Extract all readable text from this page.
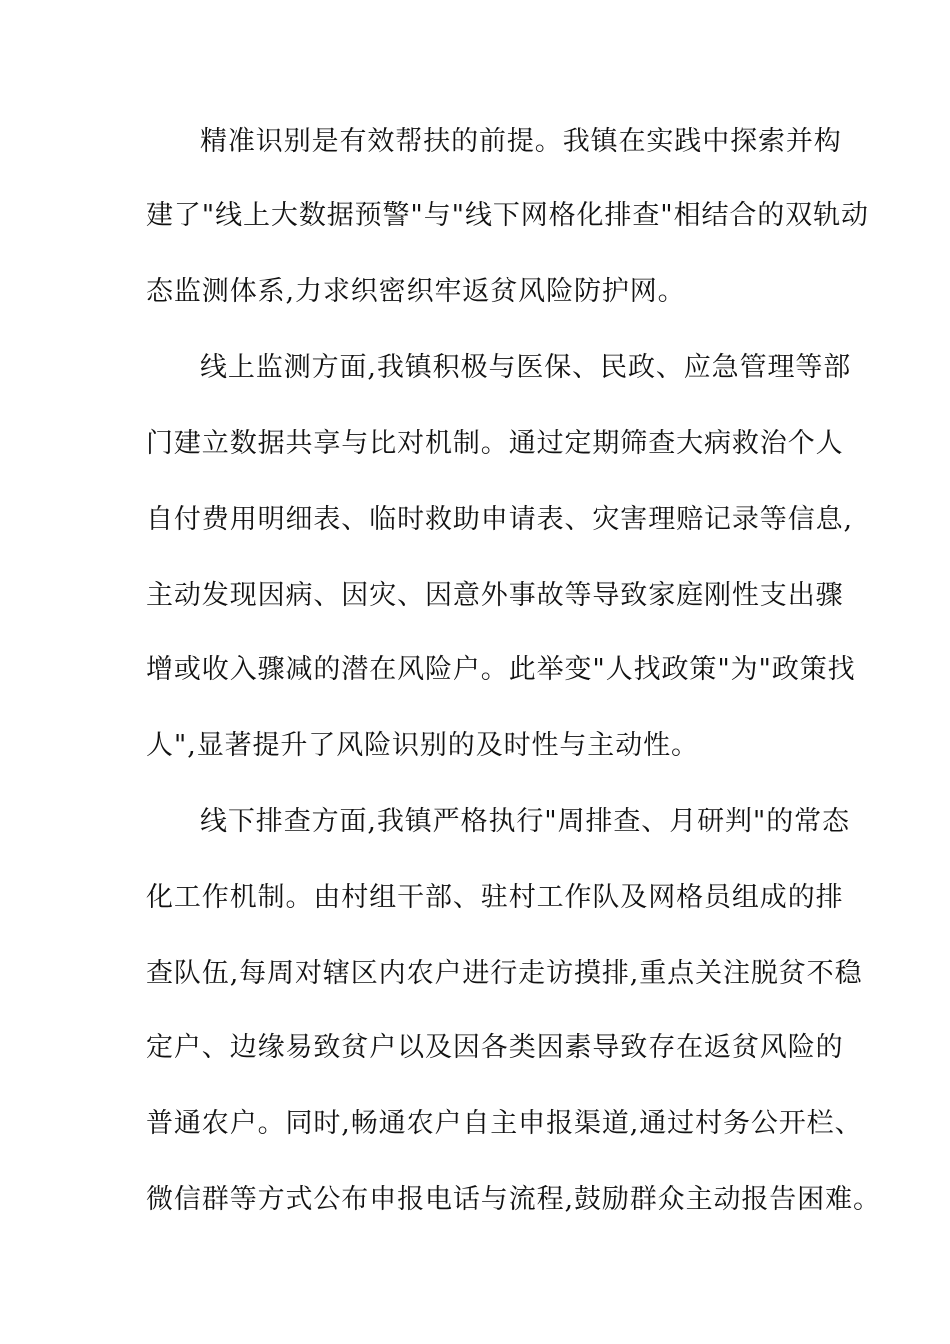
精准识别是有效帮扶的前提。我镇在实践中探索并构
建了"线上大数据预警"与"线下网格化排查"相结合的双轨动
态监测体系,力求织密织牢返贫风险防护网。
线上监测方面,我镇积极与医保、民政、应急管理等部
门建立数据共享与比对机制。通过定期筛查大病救治个人
自付费用明细表、临时救助申请表、灾害理赔记录等信息,
主动发现因病、因灾、因意外事故等导致家庭刚性支出骤
增或收入骤减的潜在风险户。此举变"人找政策"为"政策找
人",显著提升了风险识别的及时性与主动性。
线下排查方面,我镇严格执行"周排查、月研判"的常态
化工作机制。由村组干部、驻村工作队及网格员组成的排
查队伍,每周对辖区内农户进行走访摸排,重点关注脱贫不稳
定户、边缘易致贫户以及因各类因素导致存在返贫风险的
普通农户。同时,畅通农户自主申报渠道,通过村务公开栏、
微信群等方式公布申报电话与流程,鼓励群众主动报告困难。
